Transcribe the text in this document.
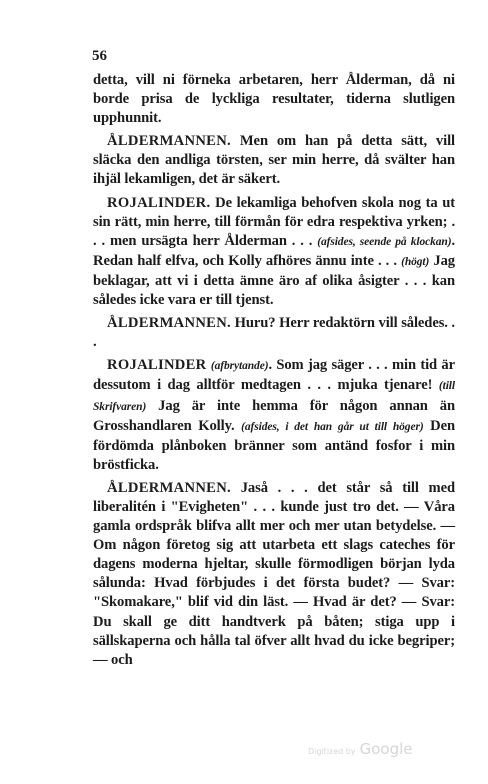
56

detta, vill ni förneka arbetaren, herr Ålderman, då ni borde prisa de lyckliga resultater, tiderna slutligen upphunnit.

ÅLDERMANNEN. Men om han på detta sätt, vill släcka den andliga törsten, ser min herre, då svälter han ihjäl lekamligen, det är säkert.

ROJALINDER. De lekamliga behofven skola nog ta ut sin rätt, min herre, till förmån för edra respektiva yrken; . . . men ursägta herr Ålderman . . . (afsides, seende på klockan). Redan half elfva, och Kolly afhöres ännu inte . . . (högt) Jag beklagar, att vi i detta ämne äro af olika åsigter . . . kan således icke vara er till tjenst.

ÅLDERMANNEN. Huru? Herr redaktörn vill således. . .

ROJALINDER (afbrytande). Som jag säger . . . min tid är dessutom i dag alltför medtagen . . . mjuka tjenare! (till Skrifvaren) Jag är inte hemma för någon annan än Grosshandlaren Kolly. (afsides, i det han går ut till höger) Den fördömda plånboken bränner som antänd fosfor i min bröstficka.

ÅLDERMANNEN. Jaså . . . det står så till med liberalitén i "Evigheten" . . . kunde just tro det. — Våra gamla ordspråk blifva allt mer och mer utan betydelse. — Om någon företog sig att utarbeta ett slags cateches för dagens moderna hjeltar, skulle förmodligen början lyda sålunda: Hvad förbjudes i det första budet? — Svar: "Skomakare," blif vid din läst. — Hvad är det? — Svar: Du skall ge ditt handtverk på båten; stiga upp i sällskaperna och hålla tal öfver allt hvad du icke begriper; — och

Digitized by Google
